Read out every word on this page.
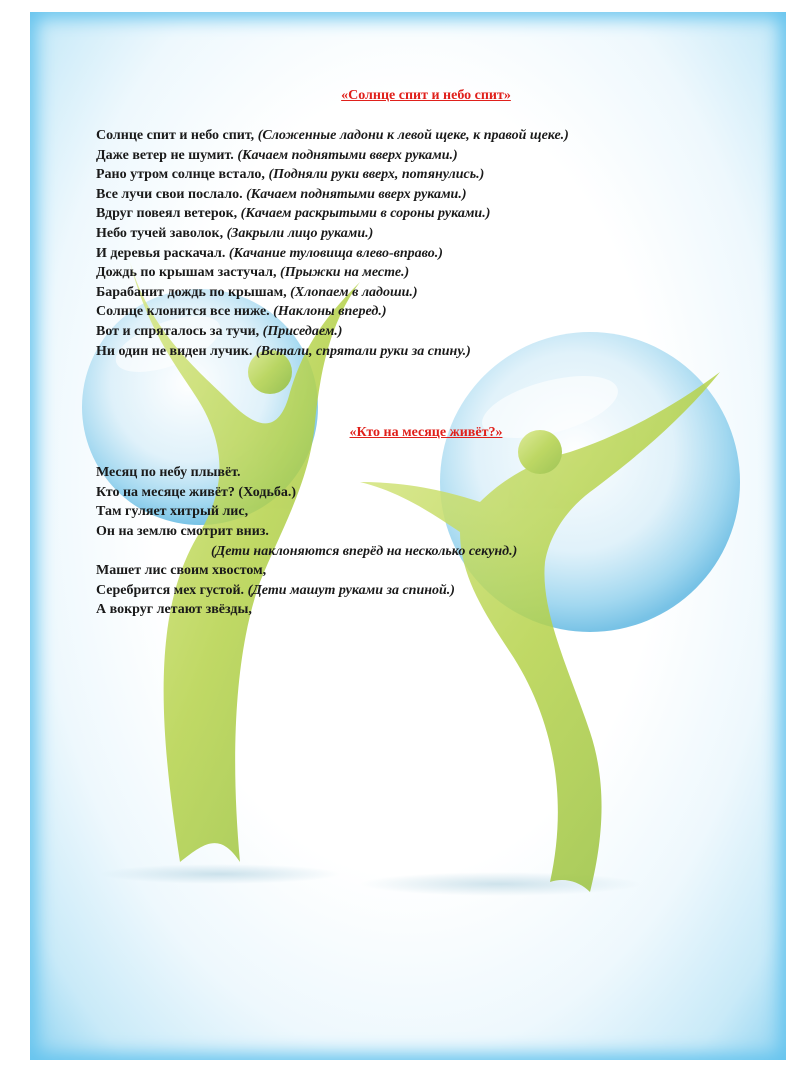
«Солнце спит и небо спит»
Солнце спит и небо спит, (Сложенные ладони к левой щеке, к правой щеке.)
Даже ветер не шумит. (Качаем поднятыми вверх руками.)
Рано утром солнце встало, (Подняли руки вверх, потянулись.)
Все лучи свои послало. (Качаем поднятыми вверх руками.)
Вдруг повеял ветерок, (Качаем раскрытыми в сороны руками.)
Небо тучей заволок, (Закрыли лицо руками.)
И деревья раскачал. (Качание туловища влево-вправо.)
Дождь по крышам застучал, (Прыжки на месте.)
Барабанит дождь по крышам, (Хлопаем в ладоши.)
Солнце клонится все ниже. (Наклоны вперед.)
Вот и спряталось за тучи, (Приседаем.)
Ни один не виден лучик. (Встали, спрятали руки за спину.)
«Кто на месяце живёт?»
Месяц по небу плывёт.
Кто на месяце живёт? (Ходьба.)
Там гуляет хитрый лис,
Он на землю смотрит вниз.
(Дети наклоняются вперёд на несколько секунд.)
Машет лис своим хвостом,
Серебрится мех густой. (Дети машут руками за спиной.)
А вокруг летают звёзды,
